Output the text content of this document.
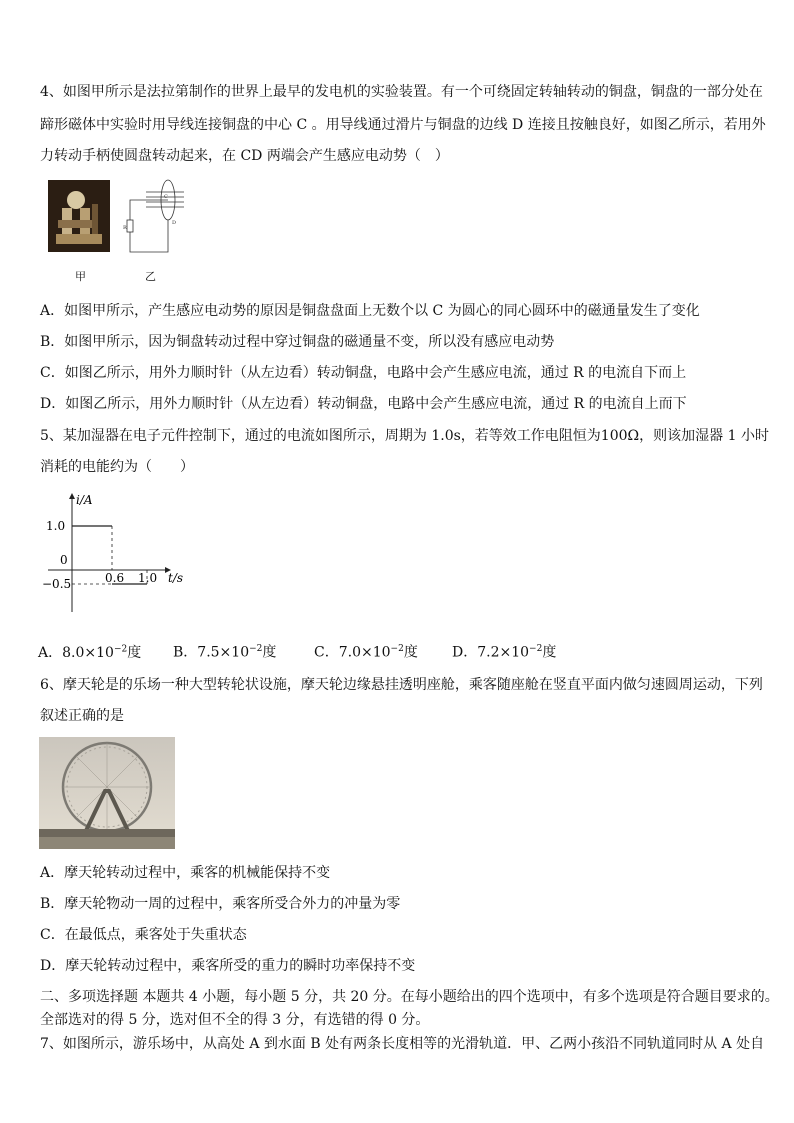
4、如图甲所示是法拉第制作的世界上最早的发电机的实验装置。有一个可绕固定转轴转动的铜盘，铜盘的一部分处在
蹄形磁体中实验时用导线连接铜盘的中心 C 。用导线通过滑片与铜盘的边线 D 连接且按触良好，如图乙所示，若用外
力转动手柄使圆盘转动起来，在 CD 两端会产生感应电动势（　）
甲
R
C
D
乙
A．如图甲所示，产生感应电动势的原因是铜盘盘面上无数个以 C 为圆心的同心圆环中的磁通量发生了变化
B．如图甲所示，因为铜盘转动过程中穿过铜盘的磁通量不变，所以没有感应电动势
C．如图乙所示，用外力顺时针（从左边看）转动铜盘，电路中会产生感应电流，通过 R 的电流自下而上
D．如图乙所示，用外力顺时针（从左边看）转动铜盘，电路中会产生感应电流，通过 R 的电流自上而下
5、某加湿器在电子元件控制下，通过的电流如图所示，周期为 1.0s，若等效工作电阻恒为100Ω，则该加湿器 1 小时
消耗的电能约为（　　）
i/A
t/s
1.0
0
−0.5	0.6 1.0
A．$8.0\times 10^{-2}$度 B．$7.5\times 10^{-2}$度	C．$7.0\times 10^{-2}$度 D．$7.2\times 10^{-2}$度
6、摩天轮是的乐场一种大型转轮状设施，摩天轮边缘悬挂透明座舱，乘客随座舱在竖直平面内做匀速圆周运动，下列
叙述正确的是
A．摩天轮转动过程中，乘客的机械能保持不变
B．摩天轮物动一周的过程中，乘客所受合外力的冲量为零
C．在最低点，乘客处于失重状态
D．摩天轮转动过程中，乘客所受的重力的瞬时功率保持不变
二、多项选择题 本题共 4 小题，每小题 5 分，共 20 分。在每小题给出的四个选项中，有多个选项是符合题目要求的。
全部选对的得 5 分，选对但不全的得 3 分，有选错的得 0 分。
7、如图所示，游乐场中，从高处 A 到水面 B 处有两条长度相等的光滑轨道．甲、乙两小孩沿不同轨道同时从 A 处自
